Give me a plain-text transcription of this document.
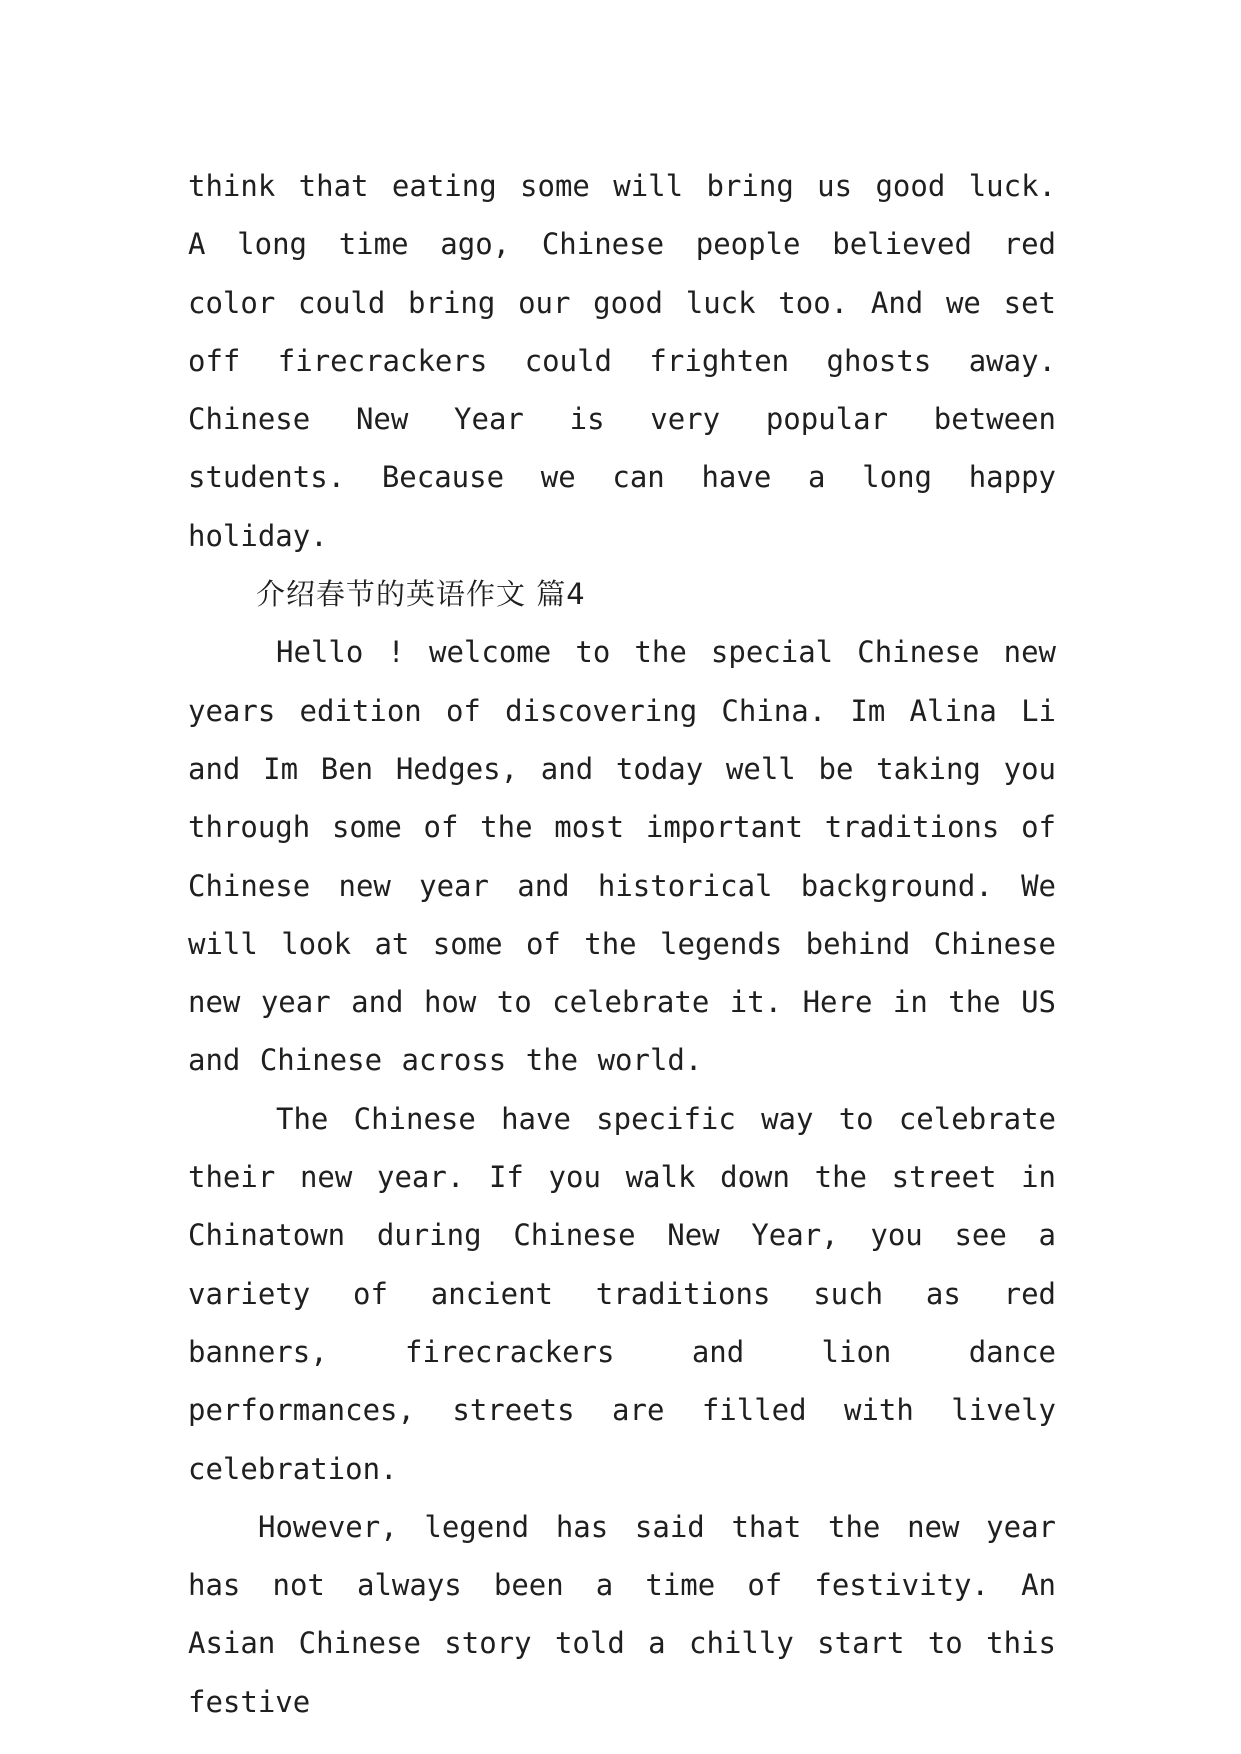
think that eating some will bring us good luck. A long time ago, Chinese people believed red color could bring our good luck too. And we set off firecrackers could frighten ghosts away. Chinese New Year is very popular between students. Because we can have a long happy holiday.

介绍春节的英语作文 篇4

Hello ! welcome to the special Chinese new years edition of discovering China. Im Alina Li and Im Ben Hedges, and today well be taking you through some of the most important traditions of Chinese new year and historical background. We will look at some of the legends behind Chinese new year and how to celebrate it. Here in the US and Chinese across the world.

The Chinese have specific way to celebrate their new year. If you walk down the street in Chinatown during Chinese New Year, you see a variety of ancient traditions such as red banners, firecrackers and lion dance performances, streets are filled with lively celebration.

However, legend has said that the new year has not always been a time of festivity. An Asian Chinese story told a chilly start to this festive
